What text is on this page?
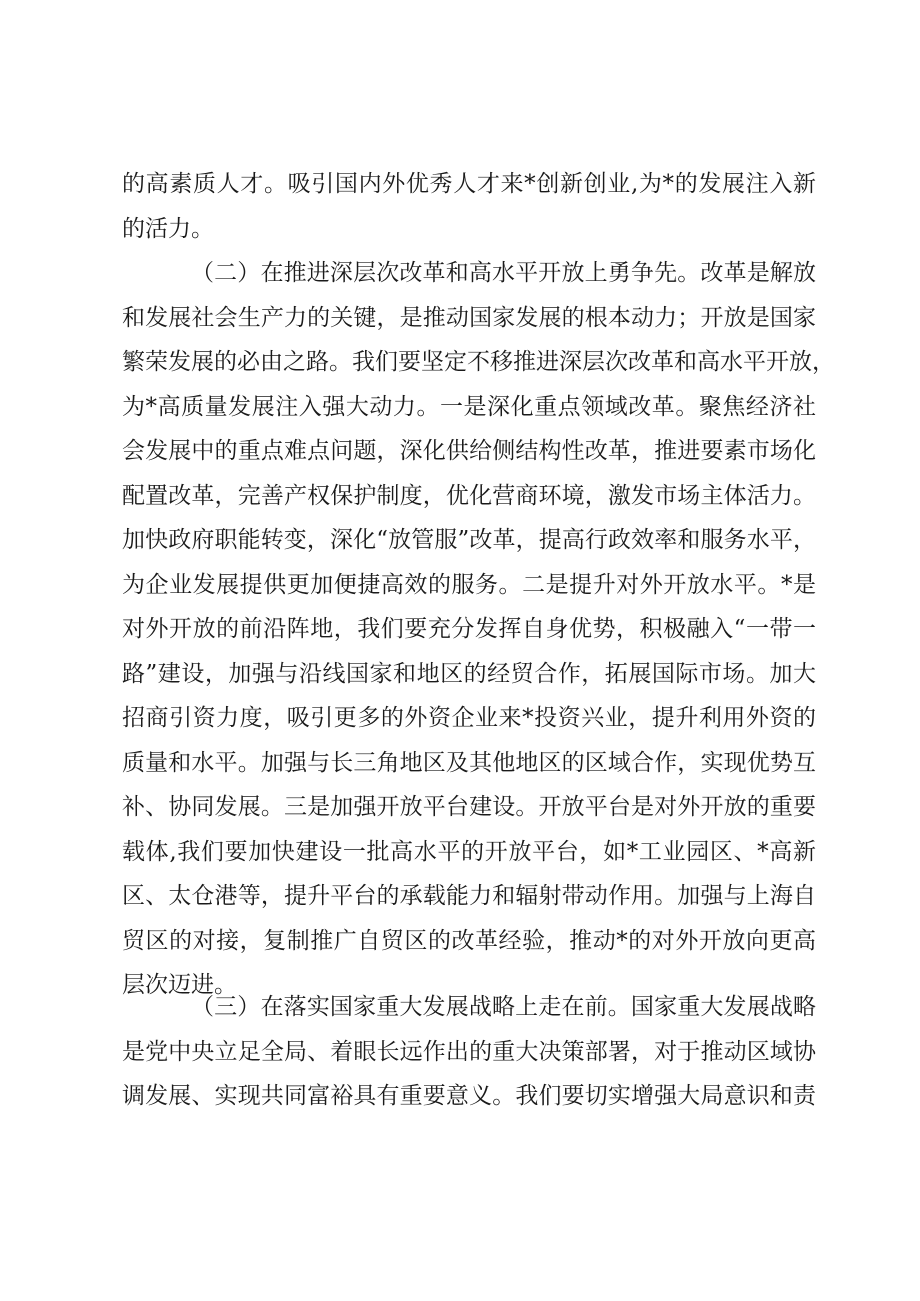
的高素质人才。吸引国内外优秀人才来*创新创业,为*的发展注入新
的活力。
（二）在推进深层次改革和高水平开放上勇争先。改革是解放
和发展社会生产力的关键，是推动国家发展的根本动力；开放是国家
繁荣发展的必由之路。我们要坚定不移推进深层次改革和高水平开放，
为*高质量发展注入强大动力。一是深化重点领域改革。聚焦经济社
会发展中的重点难点问题，深化供给侧结构性改革，推进要素市场化
配置改革，完善产权保护制度，优化营商环境，激发市场主体活力。
加快政府职能转变，深化“放管服”改革，提高行政效率和服务水平，
为企业发展提供更加便捷高效的服务。二是提升对外开放水平。*是
对外开放的前沿阵地，我们要充分发挥自身优势，积极融入“一带一
路”建设，加强与沿线国家和地区的经贸合作，拓展国际市场。加大
招商引资力度，吸引更多的外资企业来*投资兴业，提升利用外资的
质量和水平。加强与长三角地区及其他地区的区域合作，实现优势互
补、协同发展。三是加强开放平台建设。开放平台是对外开放的重要
载体,我们要加快建设一批高水平的开放平台，如*工业园区、*高新
区、太仓港等，提升平台的承载能力和辐射带动作用。加强与上海自
贸区的对接，复制推广自贸区的改革经验，推动*的对外开放向更高
层次迈进。
（三）在落实国家重大发展战略上走在前。国家重大发展战略
是党中央立足全局、着眼长远作出的重大决策部署，对于推动区域协
调发展、实现共同富裕具有重要意义。我们要切实增强大局意识和责
